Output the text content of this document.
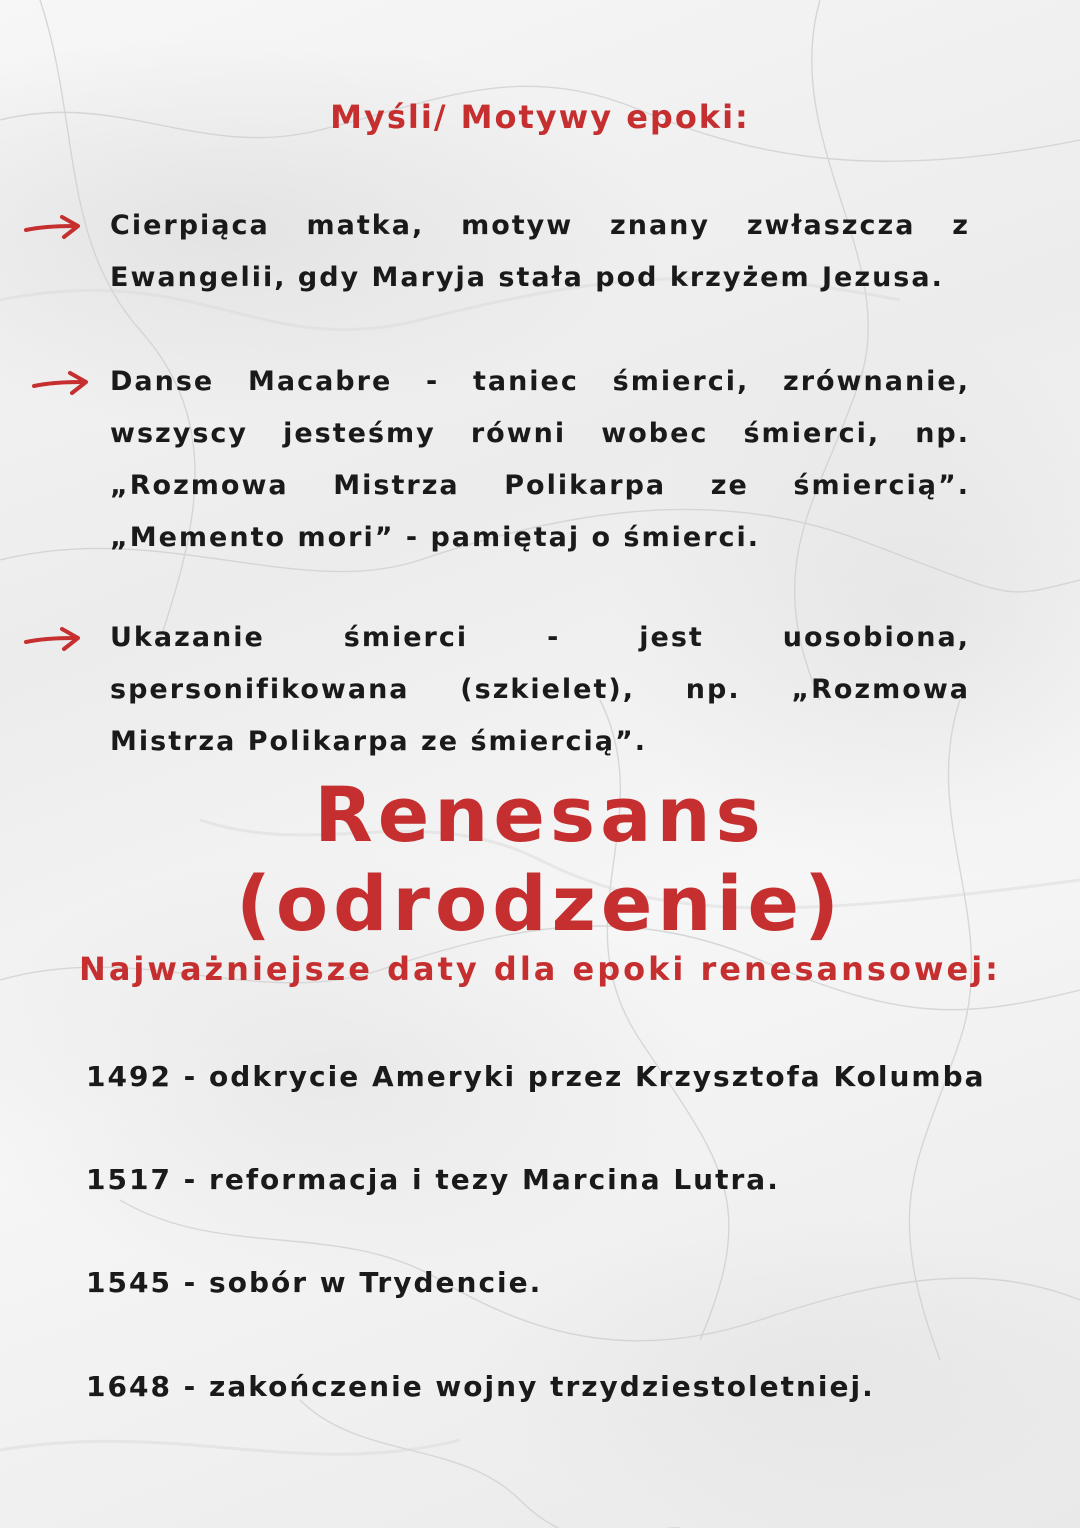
Myśli/ Motywy epoki:
Cierpiąca matka, motyw znany zwłaszcza z Ewangelii, gdy Maryja stała pod krzyżem Jezusa.
Danse Macabre - taniec śmierci, zrównanie, wszyscy jesteśmy równi wobec śmierci, np. „Rozmowa Mistrza Polikarpa ze śmiercią”. „Memento mori” - pamiętaj o śmierci.
Ukazanie śmierci - jest uosobiona, spersonifikowana (szkielet), np. „Rozmowa Mistrza Polikarpa ze śmiercią”.
Renesans (odrodzenie)
Najważniejsze daty dla epoki renesansowej:
1492 - odkrycie Ameryki przez Krzysztofa Kolumba
1517 - reformacja i tezy Marcina Lutra.
1545 - sobór w Trydencie.
1648 - zakończenie wojny trzydziestoletniej.
